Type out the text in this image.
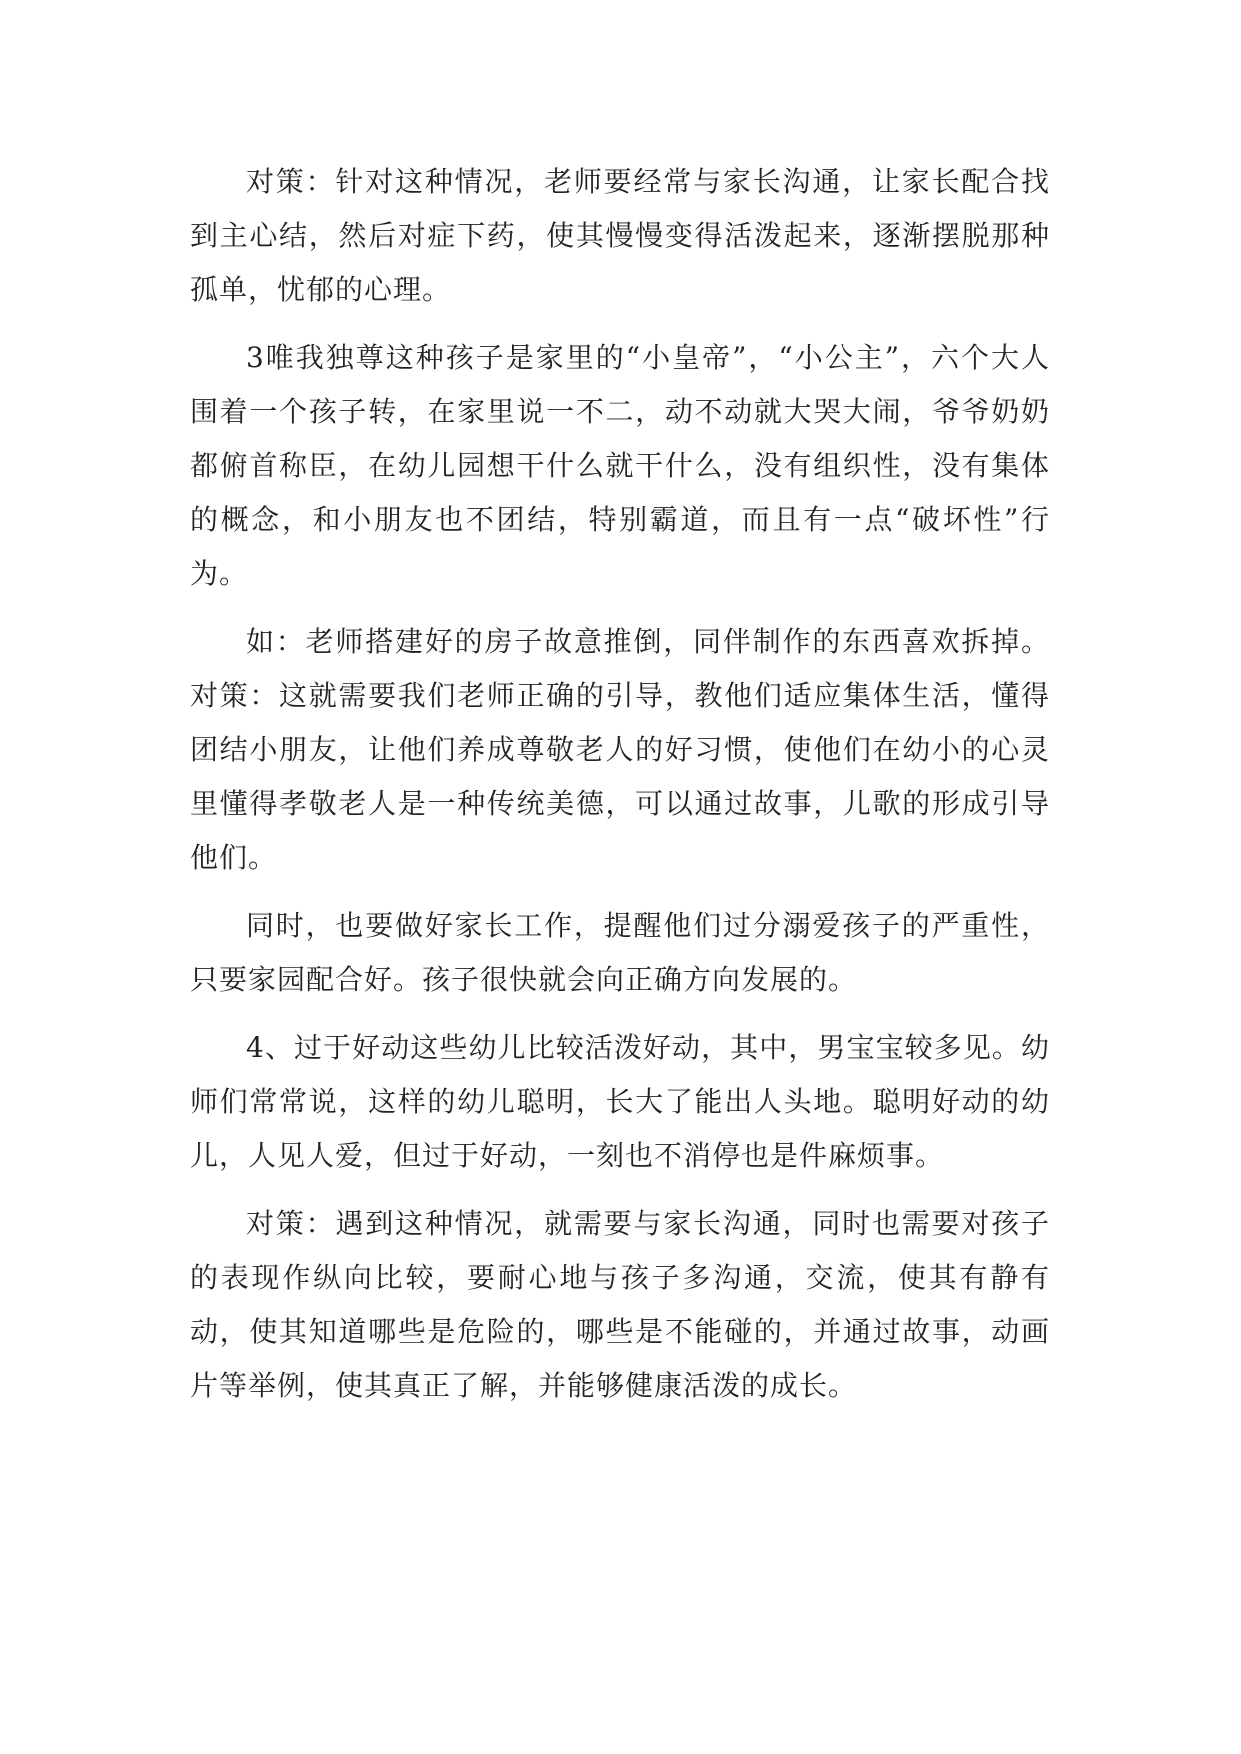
对策：针对这种情况，老师要经常与家长沟通，让家长配合找到主心结，然后对症下药，使其慢慢变得活泼起来，逐渐摆脱那种孤单，忧郁的心理。

3唯我独尊这种孩子是家里的“小皇帝”，“小公主”，六个大人围着一个孩子转，在家里说一不二，动不动就大哭大闹，爷爷奶奶都俯首称臣，在幼儿园想干什么就干什么，没有组织性，没有集体的概念，和小朋友也不团结，特别霸道，而且有一点“破坏性”行为。

如：老师搭建好的房子故意推倒，同伴制作的东西喜欢拆掉。对策：这就需要我们老师正确的引导，教他们适应集体生活，懂得团结小朋友，让他们养成尊敬老人的好习惯，使他们在幼小的心灵里懂得孝敬老人是一种传统美德，可以通过故事，儿歌的形成引导他们。

同时，也要做好家长工作，提醒他们过分溺爱孩子的严重性，只要家园配合好。孩子很快就会向正确方向发展的。

4、过于好动这些幼儿比较活泼好动，其中，男宝宝较多见。幼师们常常说，这样的幼儿聪明，长大了能出人头地。聪明好动的幼儿，人见人爱，但过于好动，一刻也不消停也是件麻烦事。

对策：遇到这种情况，就需要与家长沟通，同时也需要对孩子的表现作纵向比较，要耐心地与孩子多沟通，交流，使其有静有动，使其知道哪些是危险的，哪些是不能碰的，并通过故事，动画片等举例，使其真正了解，并能够健康活泼的成长。
